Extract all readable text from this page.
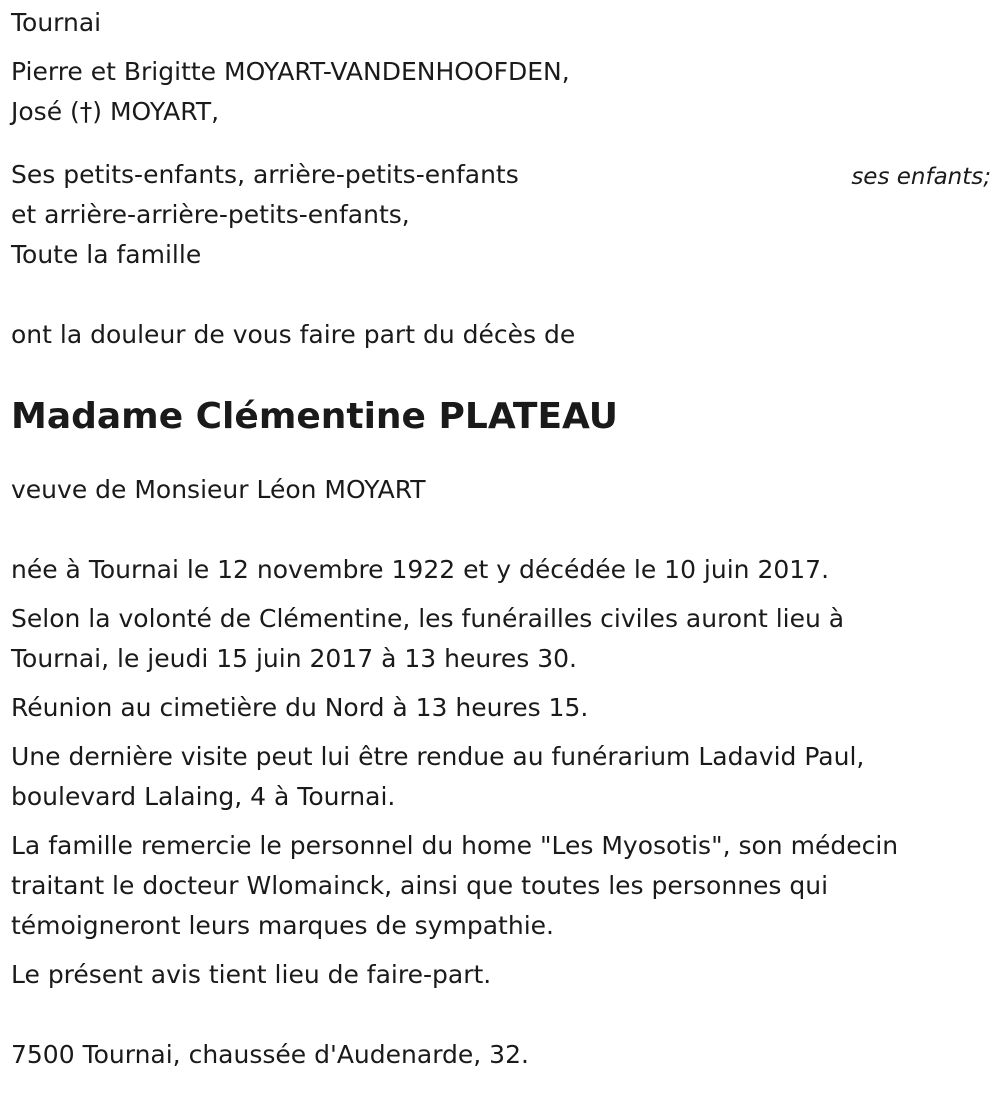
Tournai
Pierre et Brigitte MOYART-VANDENHOOFDEN,
José (†) MOYART,
ses enfants;
Ses petits-enfants, arrière-petits-enfants
et arrière-arrière-petits-enfants,
Toute la famille
ont la douleur de vous faire part du décès de
Madame Clémentine PLATEAU
veuve de Monsieur Léon MOYART
née à Tournai le 12 novembre 1922 et y décédée le 10 juin 2017.
Selon la volonté de Clémentine, les funérailles civiles auront lieu à
Tournai, le jeudi 15 juin 2017 à 13 heures 30.
Réunion au cimetière du Nord à 13 heures 15.
Une dernière visite peut lui être rendue au funérarium Ladavid Paul,
boulevard Lalaing, 4 à Tournai.
La famille remercie le personnel du home "Les Myosotis", son médecin
traitant le docteur Wlomainck, ainsi que toutes les personnes qui
témoigneront leurs marques de sympathie.
Le présent avis tient lieu de faire-part.
7500 Tournai, chaussée d'Audenarde, 32.
